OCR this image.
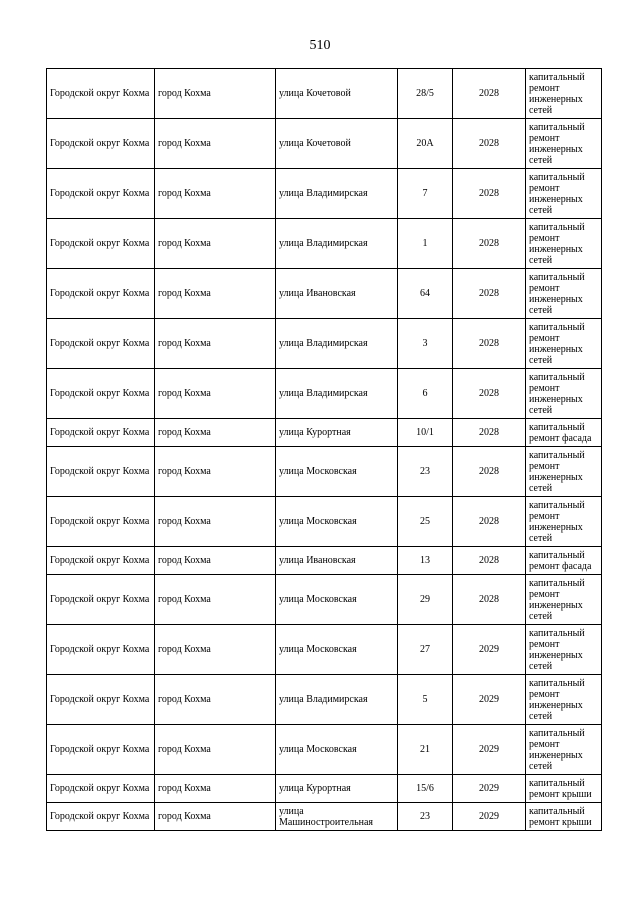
510
Городской округ Кохма	город Кохма	улица Кочетовой	28/5	2028	капитальный ремонт инженерных сетей
Городской округ Кохма	город Кохма	улица Кочетовой	20А	2028	капитальный ремонт инженерных сетей
Городской округ Кохма	город Кохма	улица Владимирская	7	2028	капитальный ремонт инженерных сетей
Городской округ Кохма	город Кохма	улица Владимирская	1	2028	капитальный ремонт инженерных сетей
Городской округ Кохма	город Кохма	улица Ивановская	64	2028	капитальный ремонт инженерных сетей
Городской округ Кохма	город Кохма	улица Владимирская	3	2028	капитальный ремонт инженерных сетей
Городской округ Кохма	город Кохма	улица Владимирская	6	2028	капитальный ремонт инженерных сетей
Городской округ Кохма	город Кохма	улица Курортная	10/1	2028	капитальный ремонт фасада
Городской округ Кохма	город Кохма	улица Московская	23	2028	капитальный ремонт инженерных сетей
Городской округ Кохма	город Кохма	улица Московская	25	2028	капитальный ремонт инженерных сетей
Городской округ Кохма	город Кохма	улица Ивановская	13	2028	капитальный ремонт фасада
Городской округ Кохма	город Кохма	улица Московская	29	2028	капитальный ремонт инженерных сетей
Городской округ Кохма	город Кохма	улица Московская	27	2029	капитальный ремонт инженерных сетей
Городской округ Кохма	город Кохма	улица Владимирская	5	2029	капитальный ремонт инженерных сетей
Городской округ Кохма	город Кохма	улица Московская	21	2029	капитальный ремонт инженерных сетей
Городской округ Кохма	город Кохма	улица Курортная	15/6	2029	капитальный ремонт крыши
Городской округ Кохма	город Кохма	улица Машиностроительная	23	2029	капитальный ремонт крыши
